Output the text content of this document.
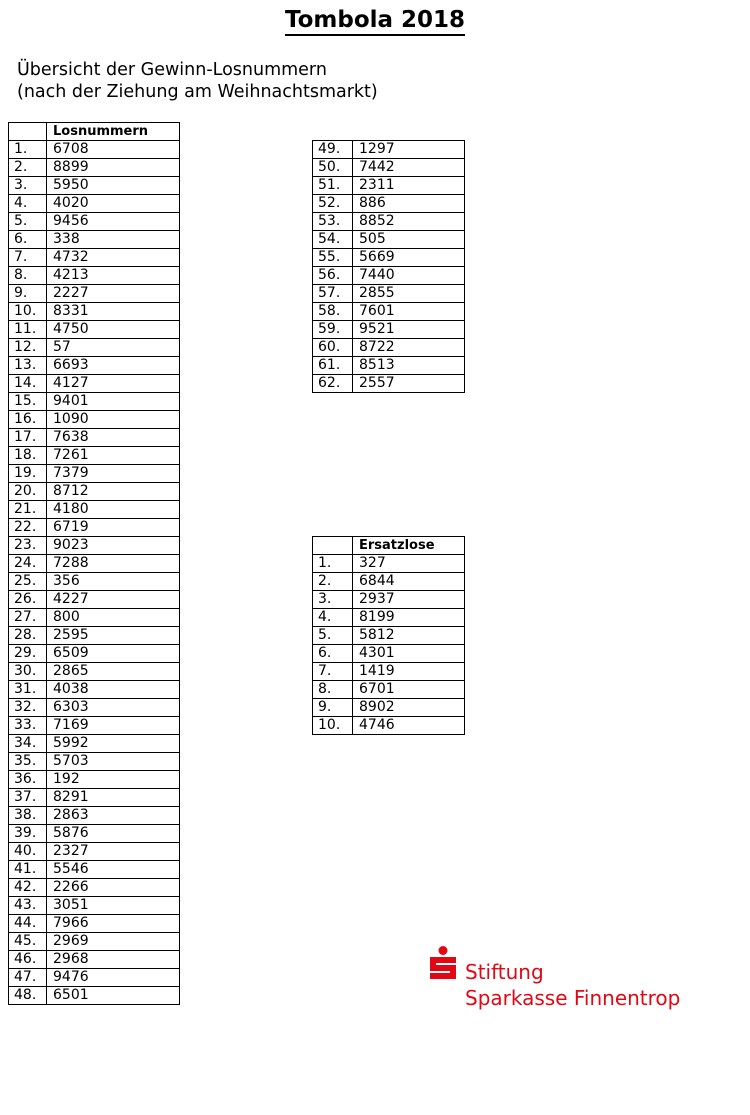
Tombola 2018
Übersicht der Gewinn-Losnummern
(nach der Ziehung am Weihnachtsmarkt)
	Losnummern
1.	6708
2.	8899
3.	5950
4.	4020
5.	9456
6.	338
7.	4732
8.	4213
9.	2227
10.	8331
11.	4750
12.	57
13.	6693
14.	4127
15.	9401
16.	1090
17.	7638
18.	7261
19.	7379
20.	8712
21.	4180
22.	6719
23.	9023
24.	7288
25.	356
26.	4227
27.	800
28.	2595
29.	6509
30.	2865
31.	4038
32.	6303
33.	7169
34.	5992
35.	5703
36.	192
37.	8291
38.	2863
39.	5876
40.	2327
41.	5546
42.	2266
43.	3051
44.	7966
45.	2969
46.	2968
47.	9476
48.	6501
49.	1297
50.	7442
51.	2311
52.	886
53.	8852
54.	505
55.	5669
56.	7440
57.	2855
58.	7601
59.	9521
60.	8722
61.	8513
62.	2557
	Ersatzlose
1.	327
2.	6844
3.	2937
4.	8199
5.	5812
6.	4301
7.	1419
8.	6701
9.	8902
10.	4746
Stiftung
Sparkasse Finnentrop
